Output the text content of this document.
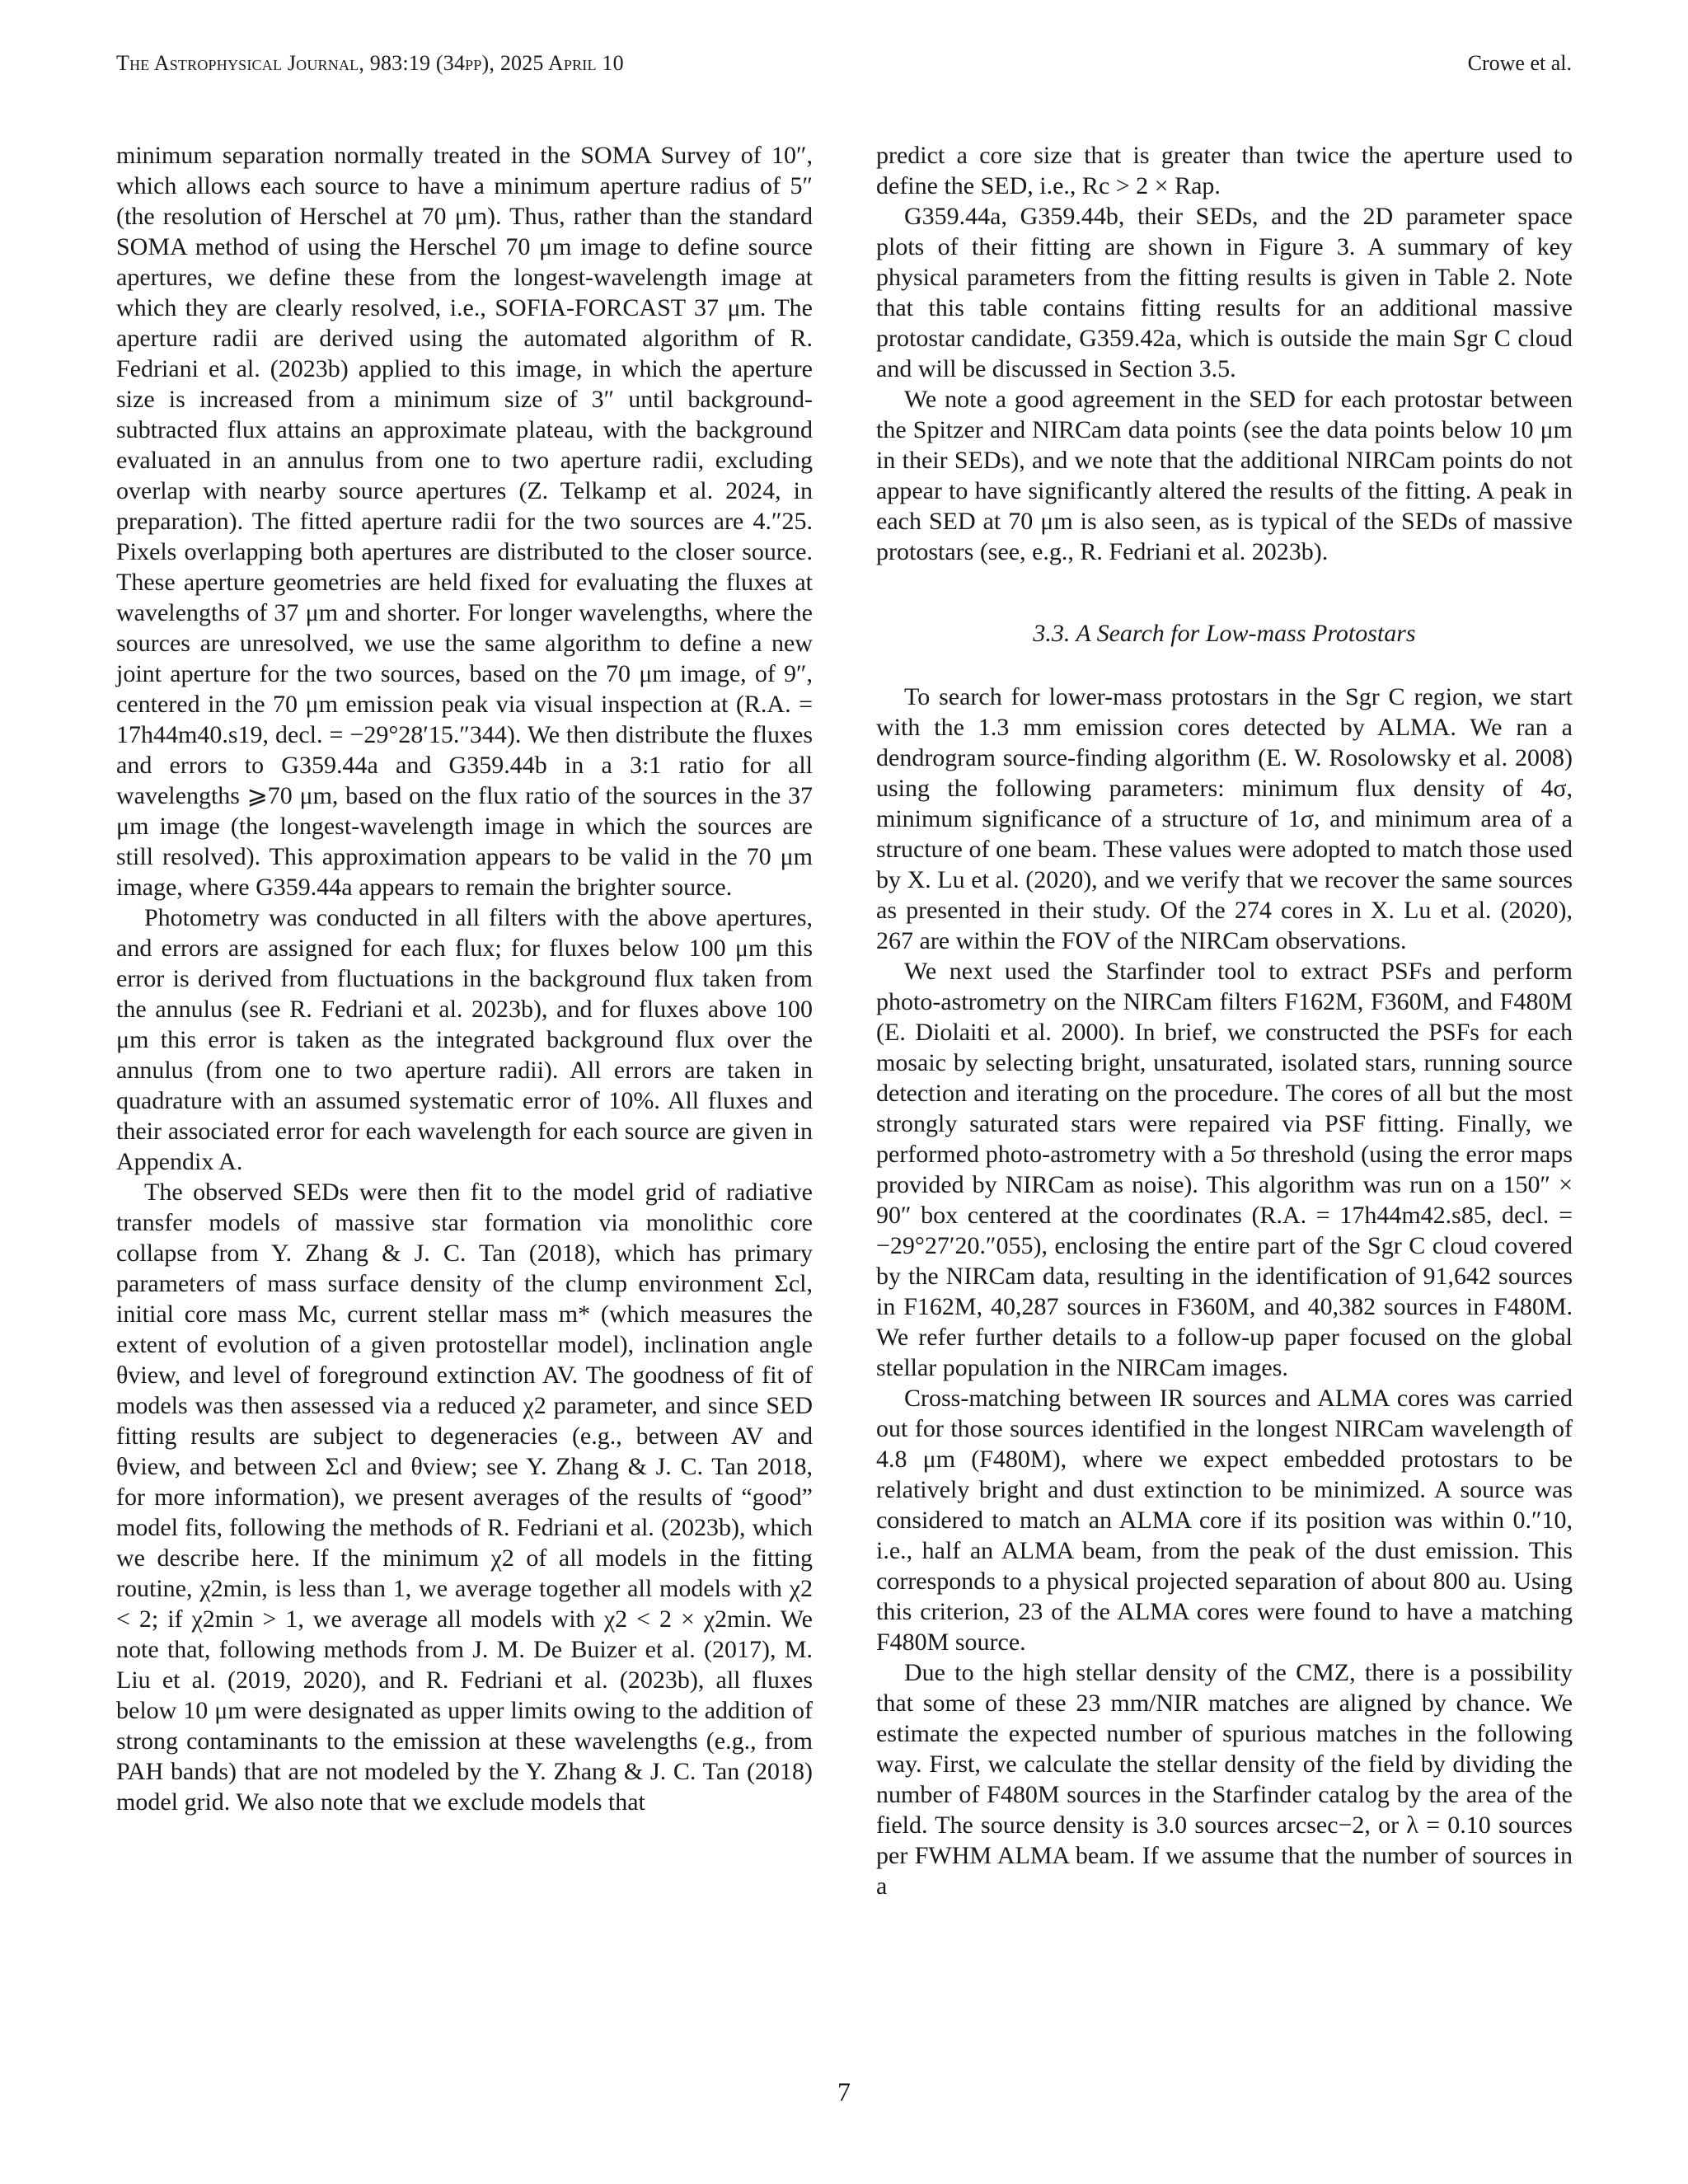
The Astrophysical Journal, 983:19 (34pp), 2025 April 10	Crowe et al.

minimum separation normally treated in the SOMA Survey of 10″, which allows each source to have a minimum aperture radius of 5″ (the resolution of Herschel at 70 μm). Thus, rather than the standard SOMA method of using the Herschel 70 μm image to define source apertures, we define these from the longest-wavelength image at which they are clearly resolved, i.e., SOFIA-FORCAST 37 μm. The aperture radii are derived using the automated algorithm of R. Fedriani et al. (2023b) applied to this image, in which the aperture size is increased from a minimum size of 3″ until background-subtracted flux attains an approximate plateau, with the background evaluated in an annulus from one to two aperture radii, excluding overlap with nearby source apertures (Z. Telkamp et al. 2024, in preparation). The fitted aperture radii for the two sources are 4.″25. Pixels overlapping both apertures are distributed to the closer source. These aperture geometries are held fixed for evaluating the fluxes at wavelengths of 37 μm and shorter. For longer wavelengths, where the sources are unresolved, we use the same algorithm to define a new joint aperture for the two sources, based on the 70 μm image, of 9″, centered in the 70 μm emission peak via visual inspection at (R.A. = 17h44m40.s19, decl. = −29°28′15.″344). We then distribute the fluxes and errors to G359.44a and G359.44b in a 3:1 ratio for all wavelengths ⩾70 μm, based on the flux ratio of the sources in the 37 μm image (the longest-wavelength image in which the sources are still resolved). This approximation appears to be valid in the 70 μm image, where G359.44a appears to remain the brighter source.

Photometry was conducted in all filters with the above apertures, and errors are assigned for each flux; for fluxes below 100 μm this error is derived from fluctuations in the background flux taken from the annulus (see R. Fedriani et al. 2023b), and for fluxes above 100 μm this error is taken as the integrated background flux over the annulus (from one to two aperture radii). All errors are taken in quadrature with an assumed systematic error of 10%. All fluxes and their associated error for each wavelength for each source are given in Appendix A.

The observed SEDs were then fit to the model grid of radiative transfer models of massive star formation via monolithic core collapse from Y. Zhang & J. C. Tan (2018), which has primary parameters of mass surface density of the clump environment Σcl, initial core mass Mc, current stellar mass m* (which measures the extent of evolution of a given protostellar model), inclination angle θview, and level of foreground extinction AV. The goodness of fit of models was then assessed via a reduced χ2 parameter, and since SED fitting results are subject to degeneracies (e.g., between AV and θview, and between Σcl and θview; see Y. Zhang & J. C. Tan 2018, for more information), we present averages of the results of “good” model fits, following the methods of R. Fedriani et al. (2023b), which we describe here. If the minimum χ2 of all models in the fitting routine, χ2min, is less than 1, we average together all models with χ2 < 2; if χ2min > 1, we average all models with χ2 < 2 × χ2min. We note that, following methods from J. M. De Buizer et al. (2017), M. Liu et al. (2019, 2020), and R. Fedriani et al. (2023b), all fluxes below 10 μm were designated as upper limits owing to the addition of strong contaminants to the emission at these wavelengths (e.g., from PAH bands) that are not modeled by the Y. Zhang & J. C. Tan (2018) model grid. We also note that we exclude models that

predict a core size that is greater than twice the aperture used to define the SED, i.e., Rc > 2 × Rap.

G359.44a, G359.44b, their SEDs, and the 2D parameter space plots of their fitting are shown in Figure 3. A summary of key physical parameters from the fitting results is given in Table 2. Note that this table contains fitting results for an additional massive protostar candidate, G359.42a, which is outside the main Sgr C cloud and will be discussed in Section 3.5.

We note a good agreement in the SED for each protostar between the Spitzer and NIRCam data points (see the data points below 10 μm in their SEDs), and we note that the additional NIRCam points do not appear to have significantly altered the results of the fitting. A peak in each SED at 70 μm is also seen, as is typical of the SEDs of massive protostars (see, e.g., R. Fedriani et al. 2023b).

3.3. A Search for Low-mass Protostars

To search for lower-mass protostars in the Sgr C region, we start with the 1.3 mm emission cores detected by ALMA. We ran a dendrogram source-finding algorithm (E. W. Rosolowsky et al. 2008) using the following parameters: minimum flux density of 4σ, minimum significance of a structure of 1σ, and minimum area of a structure of one beam. These values were adopted to match those used by X. Lu et al. (2020), and we verify that we recover the same sources as presented in their study. Of the 274 cores in X. Lu et al. (2020), 267 are within the FOV of the NIRCam observations.

We next used the Starfinder tool to extract PSFs and perform photo-astrometry on the NIRCam filters F162M, F360M, and F480M (E. Diolaiti et al. 2000). In brief, we constructed the PSFs for each mosaic by selecting bright, unsaturated, isolated stars, running source detection and iterating on the procedure. The cores of all but the most strongly saturated stars were repaired via PSF fitting. Finally, we performed photo-astrometry with a 5σ threshold (using the error maps provided by NIRCam as noise). This algorithm was run on a 150″ × 90″ box centered at the coordinates (R.A. = 17h44m42.s85, decl. = −29°27′20.″055), enclosing the entire part of the Sgr C cloud covered by the NIRCam data, resulting in the identification of 91,642 sources in F162M, 40,287 sources in F360M, and 40,382 sources in F480M. We refer further details to a follow-up paper focused on the global stellar population in the NIRCam images.

Cross-matching between IR sources and ALMA cores was carried out for those sources identified in the longest NIRCam wavelength of 4.8 μm (F480M), where we expect embedded protostars to be relatively bright and dust extinction to be minimized. A source was considered to match an ALMA core if its position was within 0.″10, i.e., half an ALMA beam, from the peak of the dust emission. This corresponds to a physical projected separation of about 800 au. Using this criterion, 23 of the ALMA cores were found to have a matching F480M source.

Due to the high stellar density of the CMZ, there is a possibility that some of these 23 mm/NIR matches are aligned by chance. We estimate the expected number of spurious matches in the following way. First, we calculate the stellar density of the field by dividing the number of F480M sources in the Starfinder catalog by the area of the field. The source density is 3.0 sources arcsec−2, or λ = 0.10 sources per FWHM ALMA beam. If we assume that the number of sources in a

7
